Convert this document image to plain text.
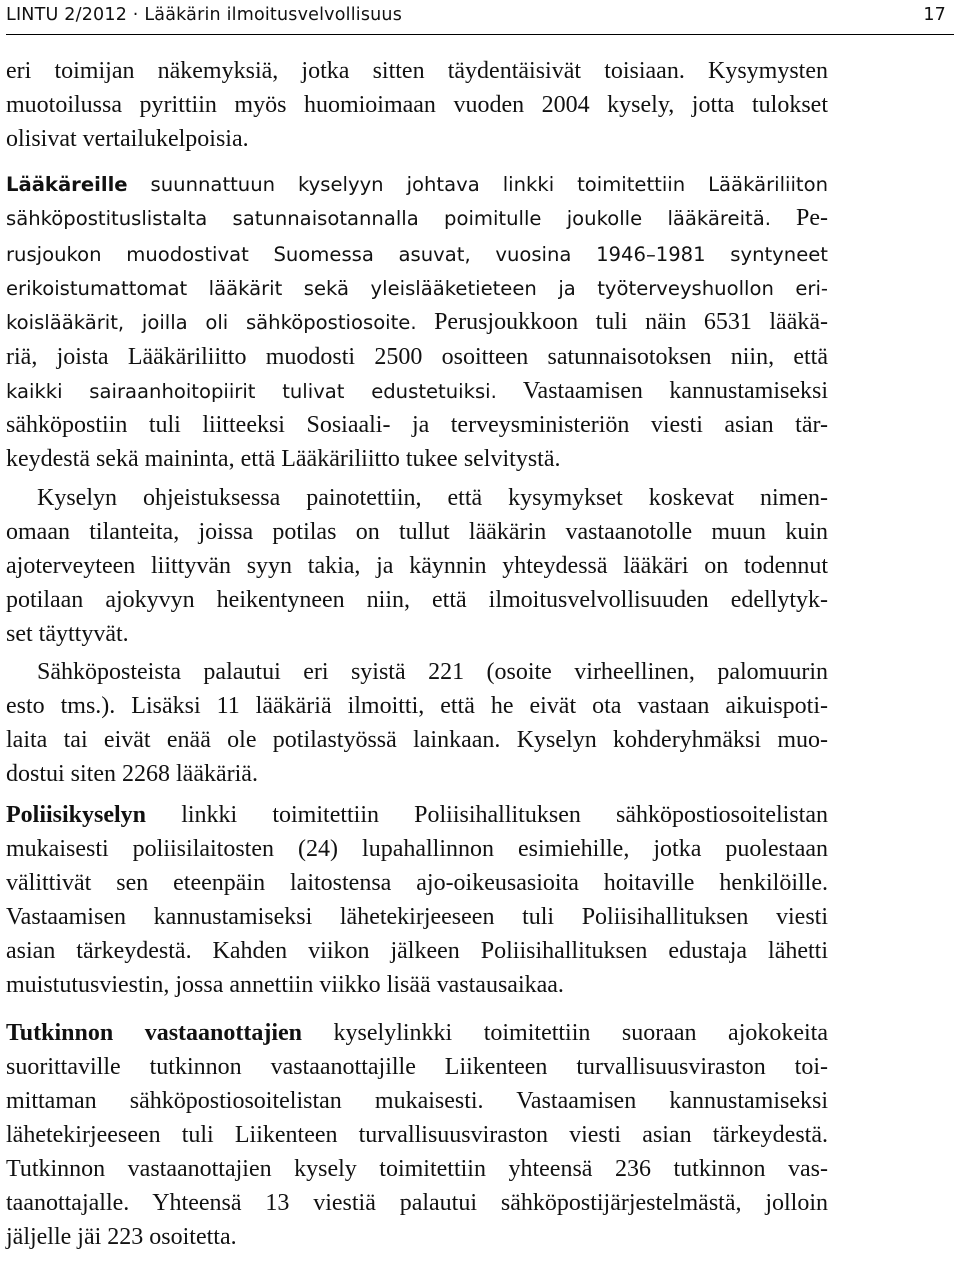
LINTU 2/2012 · Lääkärin ilmoitusvelvollisuus	17
eri toimijan näkemyksiä, jotka sitten täydentäisivät toisiaan. Kysymysten
muotoilussa pyrittiin myös huomioimaan vuoden 2004 kysely, jotta tulokset
olisivat vertailukelpoisia.
Lääkäreille suunnattuun kyselyyn johtava linkki toimitettiin Lääkäriliiton
sähköpostituslistalta satunnaisotannalla poimitulle joukolle lääkäreitä. Pe-
rusjoukon muodostivat Suomessa asuvat, vuosina 1946–1981 syntyneet
erikoistumattomat lääkärit sekä yleislääketieteen ja työterveyshuollon eri-
koislääkärit, joilla oli sähköpostiosoite. Perusjoukkoon tuli näin 6531 lääkä-
riä, joista Lääkäriliitto muodosti 2500 osoitteen satunnaisotoksen niin, että
kaikki sairaanhoitopiirit tulivat edustetuiksi. Vastaamisen kannustamiseksi
sähköpostiin tuli liitteeksi Sosiaali- ja terveysministeriön viesti asian tär-
keydestä sekä maininta, että Lääkäriliitto tukee selvitystä.
Kyselyn ohjeistuksessa painotettiin, että kysymykset koskevat nimen-
omaan tilanteita, joissa potilas on tullut lääkärin vastaanotolle muun kuin
ajoterveyteen liittyvän syyn takia, ja käynnin yhteydessä lääkäri on todennut
potilaan ajokyvyn heikentyneen niin, että ilmoitusvelvollisuuden edellytyk-
set täyttyvät.
Sähköposteista palautui eri syistä 221 (osoite virheellinen, palomuurin
esto tms.). Lisäksi 11 lääkäriä ilmoitti, että he eivät ota vastaan aikuispoti-
laita tai eivät enää ole potilastyössä lainkaan. Kyselyn kohderyhmäksi muo-
dostui siten 2268 lääkäriä.
Poliisikyselyn linkki toimitettiin Poliisihallituksen sähköpostiosoitelistan
mukaisesti poliisilaitosten (24) lupahallinnon esimiehille, jotka puolestaan
välittivät sen eteenpäin laitostensa ajo-oikeusasioita hoitaville henkilöille.
Vastaamisen kannustamiseksi lähetekirjeeseen tuli Poliisihallituksen viesti
asian tärkeydestä. Kahden viikon jälkeen Poliisihallituksen edustaja lähetti
muistutusviestin, jossa annettiin viikko lisää vastausaikaa.
Tutkinnon vastaanottajien kyselylinkki toimitettiin suoraan ajokokeita
suorittaville tutkinnon vastaanottajille Liikenteen turvallisuusviraston toi-
mittaman sähköpostiosoitelistan mukaisesti. Vastaamisen kannustamiseksi
lähetekirjeeseen tuli Liikenteen turvallisuusviraston viesti asian tärkeydestä.
Tutkinnon vastaanottajien kysely toimitettiin yhteensä 236 tutkinnon vas-
taanottajalle. Yhteensä 13 viestiä palautui sähköpostijärjestelmästä, jolloin
jäljelle jäi 223 osoitetta.
